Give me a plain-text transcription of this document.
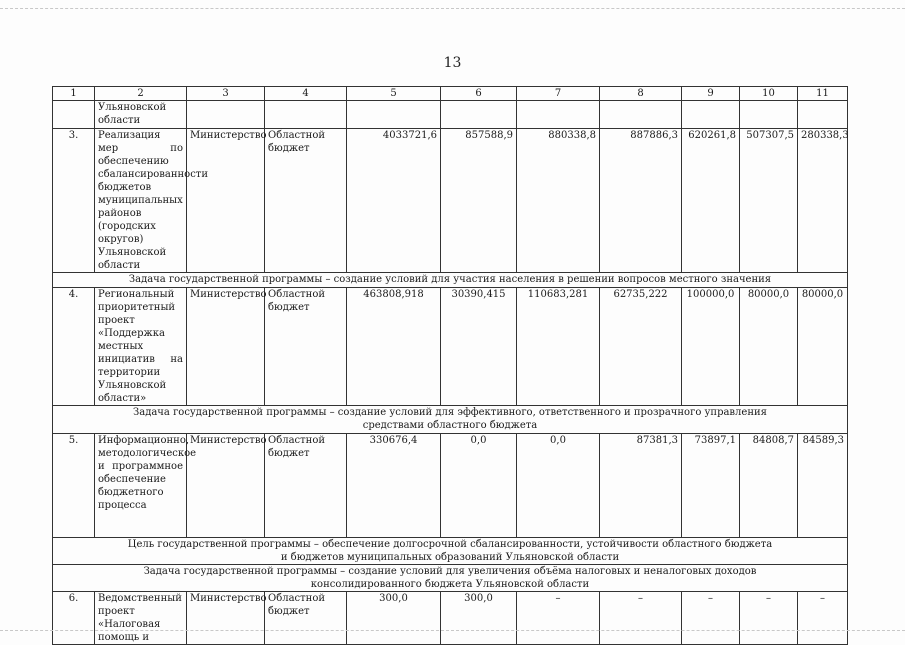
13
1	2	3	4	5	6	7	8	9	10	11
	Ульяновской области									
3.	Реализация мер по обеспечению сбалансированности бюджетов муниципальных районов (городских округов) Ульяновской области	Министерство	Областной бюджет	4033721,6	857588,9	880338,8	887886,3	620261,8	507307,5	280338,3
Задача государственной программы – создание условий для участия населения в решении вопросов местного значения										
4.	Региональный приоритетный проект «Поддержка местных инициатив на территории Ульяновской области»	Министерство	Областной бюджет	463808,918	30390,415	110683,281	62735,222	100000,0	80000,0	80000,0
Задача государственной программы – создание условий для эффективного, ответственного и прозрачного управления
средствами областного бюджета										
5.	Информационно, методологическое и программное обеспечение бюджетного процесса	Министерство	Областной бюджет	330676,4	0,0	0,0	87381,3	73897,1	84808,7	84589,3
Цель государственной программы – обеспечение долгосрочной сбалансированности, устойчивости областного бюджета
и бюджетов муниципальных образований Ульяновской области										
Задача государственной программы – создание условий для увеличения объёма налоговых и неналоговых доходов
консолидированного бюджета Ульяновской области										
6.	Ведомственный проект «Налоговая помощь и	Министерство	Областной бюджет	300,0	300,0	–	–	–	–	–
